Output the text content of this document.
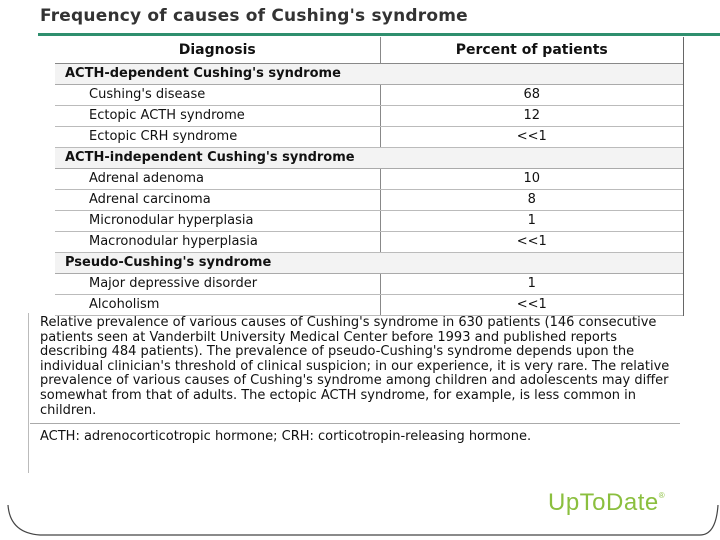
Frequency of causes of Cushing's syndrome
Diagnosis	Percent of patients
ACTH-dependent Cushing's syndrome	
Cushing's disease	68
Ectopic ACTH syndrome	12
Ectopic CRH syndrome	<<1
ACTH-independent Cushing's syndrome	
Adrenal adenoma	10
Adrenal carcinoma	8
Micronodular hyperplasia	1
Macronodular hyperplasia	<<1
Pseudo-Cushing's syndrome	
Major depressive disorder	1
Alcoholism	<<1

Relative prevalence of various causes of Cushing's syndrome in 630 patients (146 consecutive patients seen at Vanderbilt University Medical Center before 1993 and published reports describing 484 patients). The prevalence of pseudo-Cushing's syndrome depends upon the individual clinician's threshold of clinical suspicion; in our experience, it is very rare. The relative prevalence of various causes of Cushing's syndrome among children and adolescents may differ somewhat from that of adults. The ectopic ACTH syndrome, for example, is less common in children.

ACTH: adrenocorticotropic hormone; CRH: corticotropin-releasing hormone.

UpToDate®
